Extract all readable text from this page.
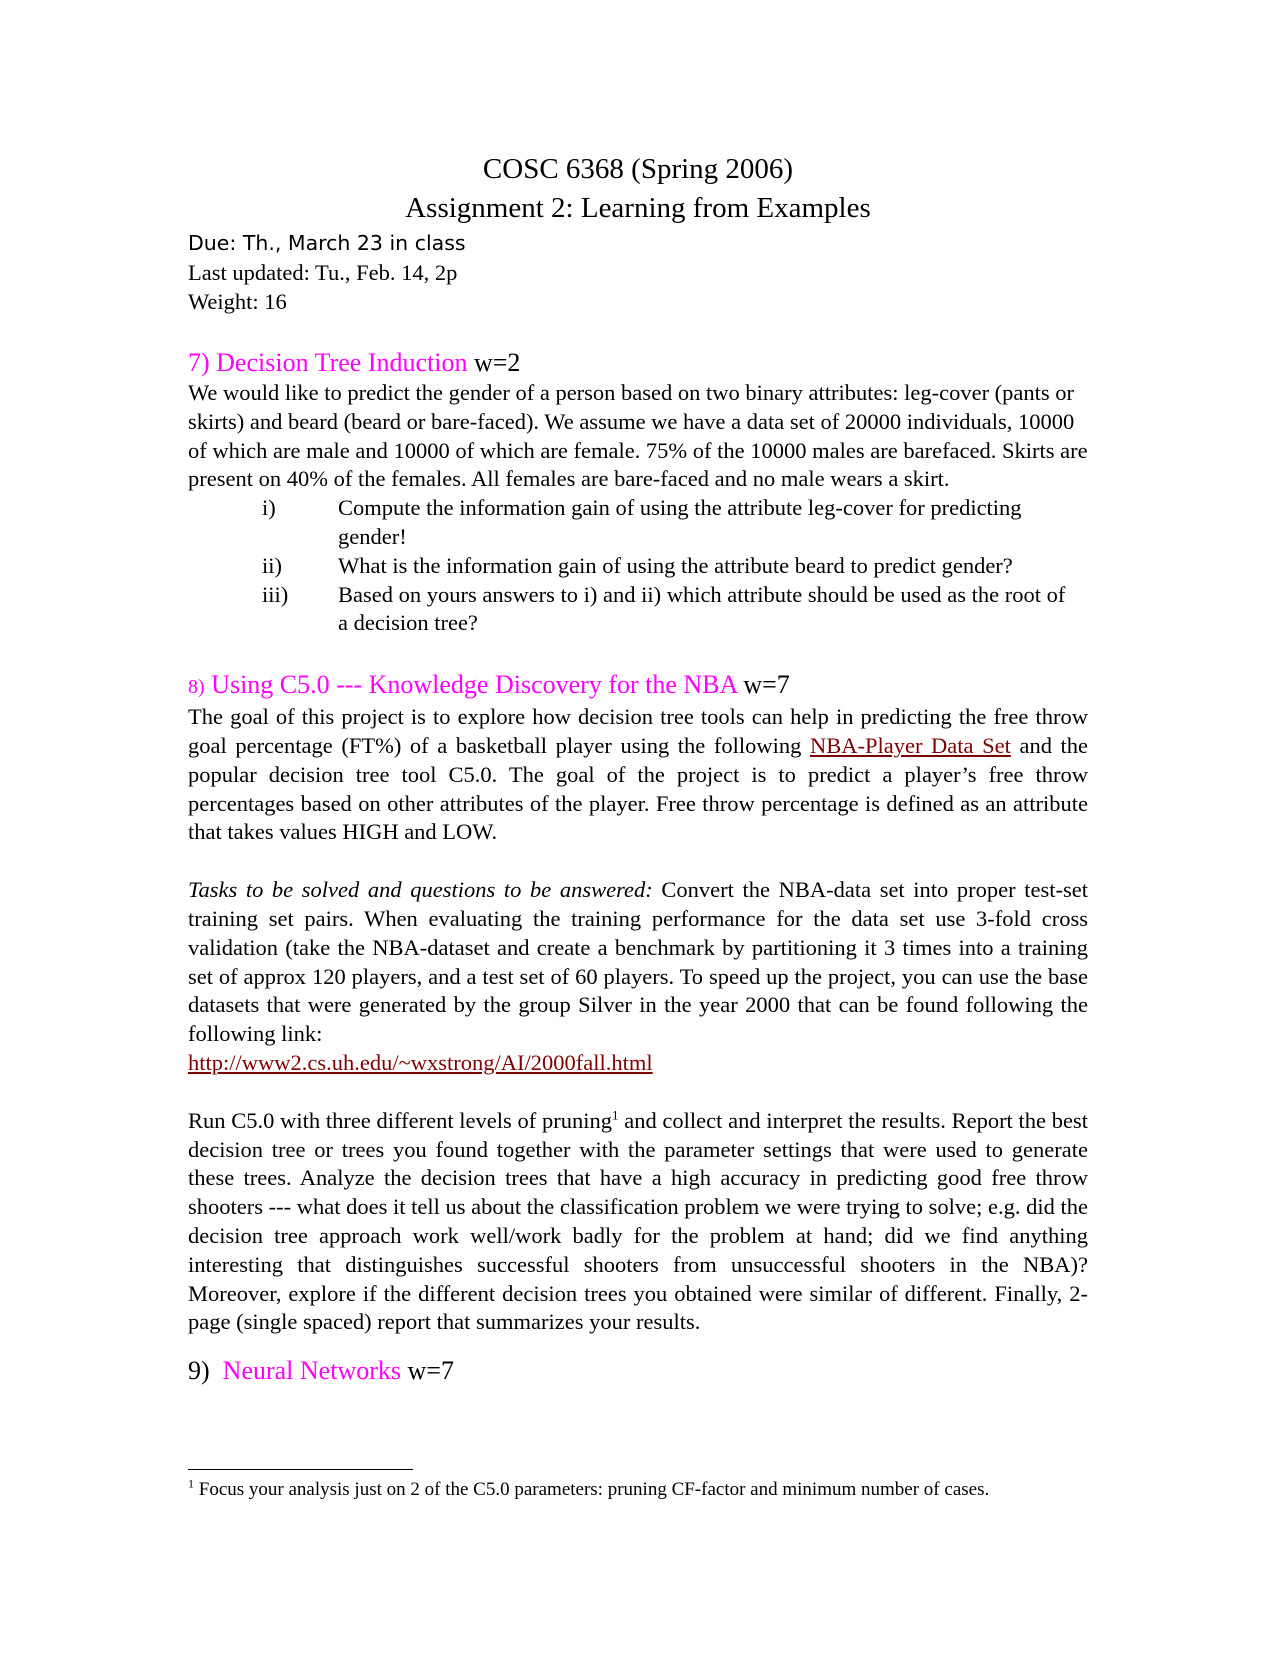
COSC 6368 (Spring 2006)
Assignment 2: Learning from Examples
Due: Th., March 23 in class
Last updated: Tu., Feb. 14, 2p
Weight: 16
7) Decision Tree Induction w=2

We would like to predict the gender of a person based on two binary attributes: leg-cover (pants or skirts) and beard (beard or bare-faced). We assume we have a data set of 20000 individuals, 10000 of which are male and 10000 of which are female. 75% of the 10000 males are barefaced. Skirts are present on 40% of the females. All females are bare-faced and no male wears a skirt.

i)	Compute the information gain of using the attribute leg-cover for predicting gender!
ii)	What is the information gain of using the attribute beard to predict gender?
iii)	Based on yours answers to i) and ii) which attribute should be used as the root of a decision tree?
8) Using C5.0 --- Knowledge Discovery for the NBA w=7

The goal of this project is to explore how decision tree tools can help in predicting the free throw goal percentage (FT%) of a basketball player using the following NBA-Player Data Set and the popular decision tree tool C5.0. The goal of the project is to predict a player’s free throw percentages based on other attributes of the player. Free throw percentage is defined as an attribute that takes values HIGH and LOW.

Tasks to be solved and questions to be answered: Convert the NBA-data set into proper test-set training set pairs. When evaluating the training performance for the data set use 3-fold cross validation (take the NBA-dataset and create a benchmark by partitioning it 3 times into a training set of approx 120 players, and a test set of 60 players. To speed up the project, you can use the base datasets that were generated by the group Silver in the year 2000 that can be found following the following link:

http://www2.cs.uh.edu/~wxstrong/AI/2000fall.html

Run C5.0 with three different levels of pruning$^1$ and collect and interpret the results. Report the best decision tree or trees you found together with the parameter settings that were used to generate these trees. Analyze the decision trees that have a high accuracy in predicting good free throw shooters --- what does it tell us about the classification problem we were trying to solve; e.g. did the decision tree approach work well/work badly for the problem at hand; did we find anything interesting that distinguishes successful shooters from unsuccessful shooters in the NBA)? Moreover, explore if the different decision trees you obtained were similar of different. Finally, 2-page (single spaced) report that summarizes your results.

9) Neural Networks w=7
$^1$ Focus your analysis just on 2 of the C5.0 parameters: pruning CF-factor and minimum number of cases.
